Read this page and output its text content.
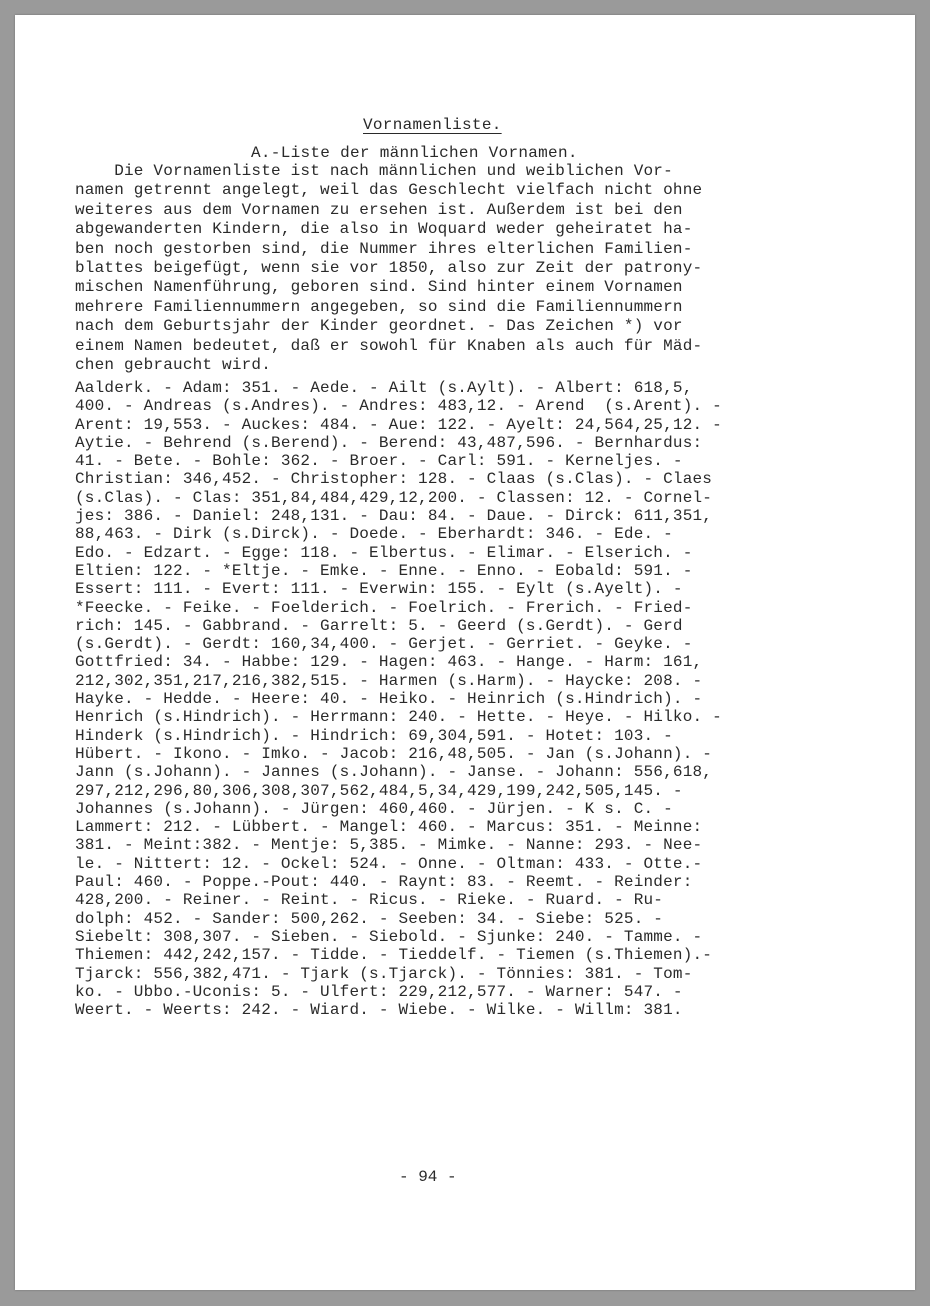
Vornamenliste.
A.-Liste der männlichen Vornamen.
Die Vornamenliste ist nach männlichen und weiblichen Vor-
namen getrennt angelegt, weil das Geschlecht vielfach nicht ohne
weiteres aus dem Vornamen zu ersehen ist. Außerdem ist bei den
abgewanderten Kindern, die also in Woquard weder geheiratet ha-
ben noch gestorben sind, die Nummer ihres elterlichen Familien-
blattes beigefügt, wenn sie vor 1850, also zur Zeit der patrony-
mischen Namenführung, geboren sind. Sind hinter einem Vornamen
mehrere Familiennummern angegeben, so sind die Familiennummern
nach dem Geburtsjahr der Kinder geordnet. - Das Zeichen *) vor
einem Namen bedeutet, daß er sowohl für Knaben als auch für Mäd-
chen gebraucht wird.
Aalderk. - Adam: 351. - Aede. - Ailt (s.Aylt). - Albert: 618,5,
400. - Andreas (s.Andres). - Andres: 483,12. - Arend  (s.Arent). -
Arent: 19,553. - Auckes: 484. - Aue: 122. - Ayelt: 24,564,25,12. -
Aytie. - Behrend (s.Berend). - Berend: 43,487,596. - Bernhardus:
41. - Bete. - Bohle: 362. - Broer. - Carl: 591. - Kerneljes. -
Christian: 346,452. - Christopher: 128. - Claas (s.Clas). - Claes
(s.Clas). - Clas: 351,84,484,429,12,200. - Classen: 12. - Cornel-
jes: 386. - Daniel: 248,131. - Dau: 84. - Daue. - Dirck: 611,351,
88,463. - Dirk (s.Dirck). - Doede. - Eberhardt: 346. - Ede. -
Edo. - Edzart. - Egge: 118. - Elbertus. - Elimar. - Elserich. -
Eltien: 122. - *Eltje. - Emke. - Enne. - Enno. - Eobald: 591. -
Essert: 111. - Evert: 111. - Everwin: 155. - Eylt (s.Ayelt). -
*Feecke. - Feike. - Foelderich. - Foelrich. - Frerich. - Fried-
rich: 145. - Gabbrand. - Garrelt: 5. - Geerd (s.Gerdt). - Gerd
(s.Gerdt). - Gerdt: 160,34,400. - Gerjet. - Gerriet. - Geyke. -
Gottfried: 34. - Habbe: 129. - Hagen: 463. - Hange. - Harm: 161,
212,302,351,217,216,382,515. - Harmen (s.Harm). - Haycke: 208. -
Hayke. - Hedde. - Heere: 40. - Heiko. - Heinrich (s.Hindrich). -
Henrich (s.Hindrich). - Herrmann: 240. - Hette. - Heye. - Hilko. -
Hinderk (s.Hindrich). - Hindrich: 69,304,591. - Hotet: 103. -
Hübert. - Ikono. - Imko. - Jacob: 216,48,505. - Jan (s.Johann). -
Jann (s.Johann). - Jannes (s.Johann). - Janse. - Johann: 556,618,
297,212,296,80,306,308,307,562,484,5,34,429,199,242,505,145. -
Johannes (s.Johann). - Jürgen: 460,460. - Jürjen. - K s. C. -
Lammert: 212. - Lübbert. - Mangel: 460. - Marcus: 351. - Meinne:
381. - Meint:382. - Mentje: 5,385. - Mimke. - Nanne: 293. - Nee-
le. - Nittert: 12. - Ockel: 524. - Onne. - Oltman: 433. - Otte.-
Paul: 460. - Poppe.-Pout: 440. - Raynt: 83. - Reemt. - Reinder:
428,200. - Reiner. - Reint. - Ricus. - Rieke. - Ruard. - Ru-
dolph: 452. - Sander: 500,262. - Seeben: 34. - Siebe: 525. -
Siebelt: 308,307. - Sieben. - Siebold. - Sjunke: 240. - Tamme. -
Thiemen: 442,242,157. - Tidde. - Tieddelf. - Tiemen (s.Thiemen).-
Tjarck: 556,382,471. - Tjark (s.Tjarck). - Tönnies: 381. - Tom-
ko. - Ubbo.-Uconis: 5. - Ulfert: 229,212,577. - Warner: 547. -
Weert. - Weerts: 242. - Wiard. - Wiebe. - Wilke. - Willm: 381.
- 94 -
